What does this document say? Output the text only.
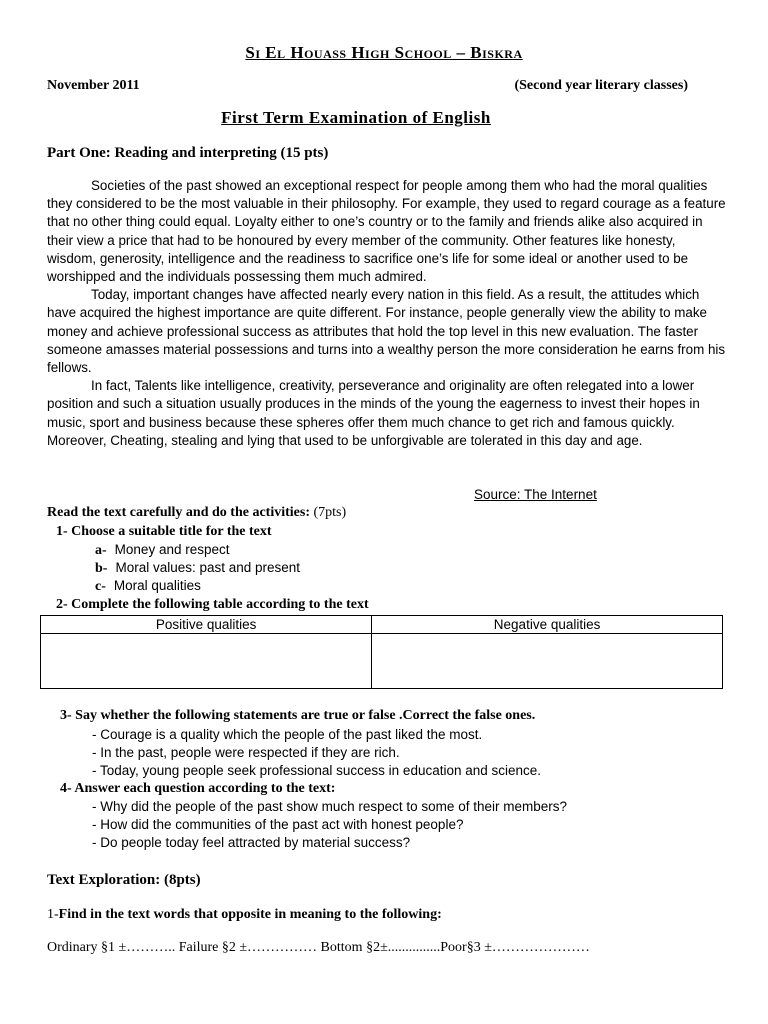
Si El Houass High School – Biskra
November 2011	(Second year literary classes)
First Term Examination of English
Part One: Reading and interpreting (15 pts)

Societies of the past showed an exceptional respect for people among them who had the moral qualities they considered to be the most valuable in their philosophy. For example, they used to regard courage as a feature that no other thing could equal. Loyalty either to one’s country or to the family and friends alike also acquired in their view a price that had to be honoured by every member of the community. Other features like honesty, wisdom, generosity, intelligence and the readiness to sacrifice one’s life for some ideal or another used to be worshipped and the individuals possessing them much admired.

Today, important changes have affected nearly every nation in this field. As a result, the attitudes which have acquired the highest importance are quite different. For instance, people generally view the ability to make money and achieve professional success as attributes that hold the top level in this new evaluation. The faster someone amasses material possessions and turns into a wealthy person the more consideration he earns from his fellows.

In fact, Talents like intelligence, creativity, perseverance and originality are often relegated into a lower position and such a situation usually produces in the minds of the young the eagerness to invest their hopes in music, sport and business because these spheres offer them much chance to get rich and famous quickly. Moreover, Cheating, stealing and lying that used to be unforgivable are tolerated in this day and age.

Source: The Internet
Read the text carefully and do the activities: (7pts)
1- Choose a suitable title for the text
a- Money and respect
b- Moral values: past and present
c- Moral qualities
2- Complete the following table according to the text
Positive qualities	Negative qualities

3- Say whether the following statements are true or false .Correct the false ones.
- Courage is a quality which the people of the past liked the most.
- In the past, people were respected if they are rich.
- Today, young people seek professional success in education and science.
4- Answer each question according to the text:
- Why did the people of the past show much respect to some of their members?
- How did the communities of the past act with honest people?
- Do people today feel attracted by material success?
Text Exploration: (8pts)
1-Find in the text words that opposite in meaning to the following:
Ordinary §1 ±……….. Failure §2 ±…………… Bottom §2±...............Poor§3 ±…………………
